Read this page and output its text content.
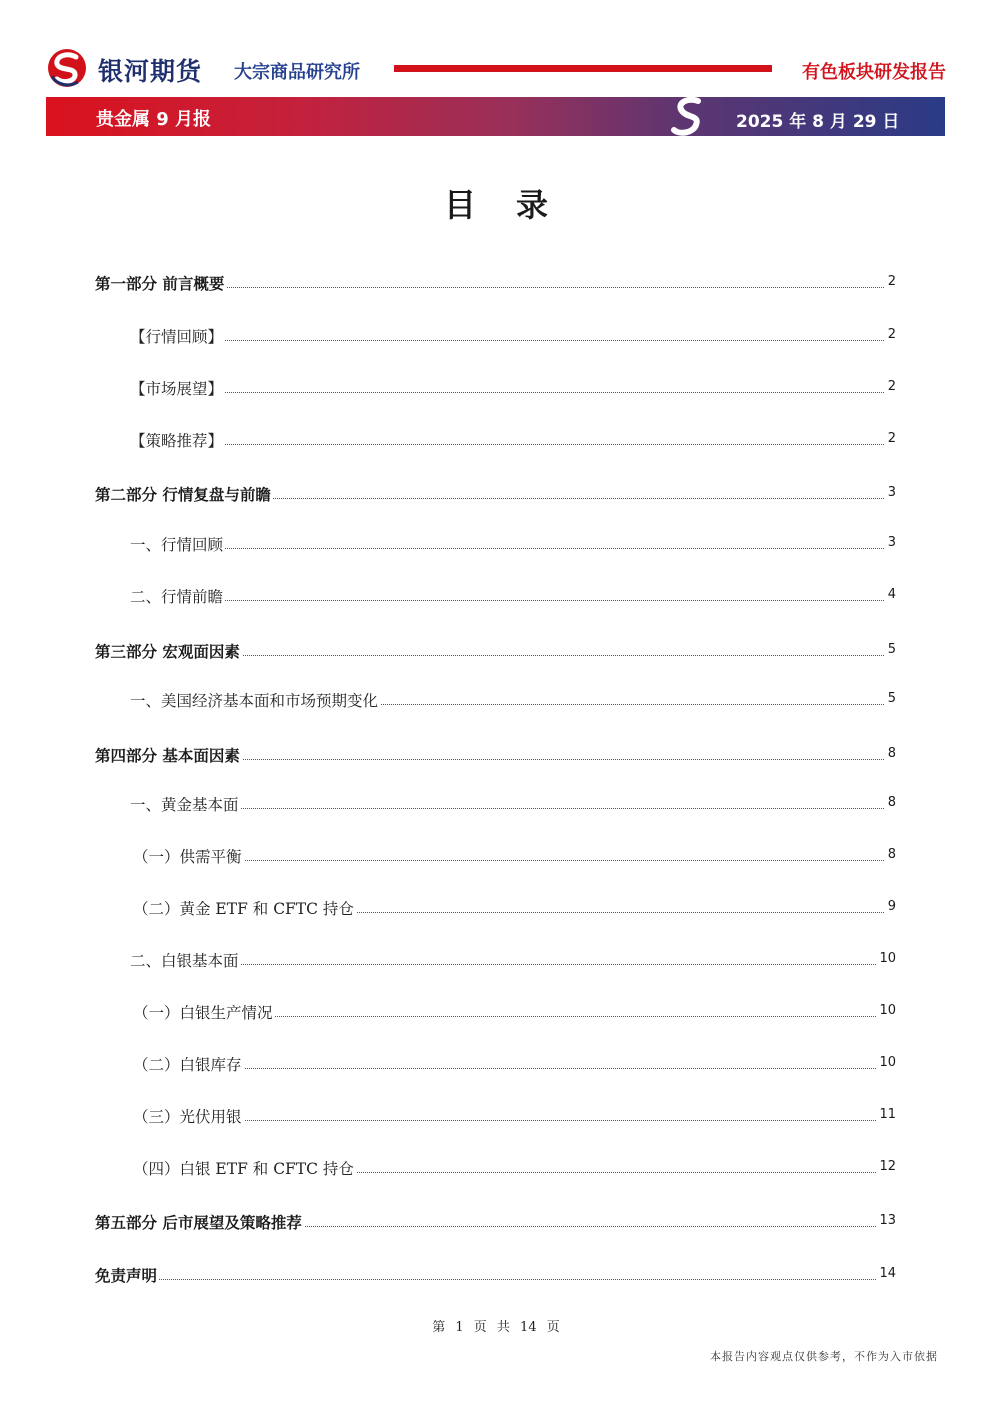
银河期货 大宗商品研究所	有色板块研发报告
贵金属 9 月报	2025 年 8 月 29 日
目录
第一部分 前言概要	2
【行情回顾】	2
【市场展望】	2
【策略推荐】	2
第二部分 行情复盘与前瞻	3
一、行情回顾	3
二、行情前瞻	4
第三部分 宏观面因素	5
一、美国经济基本面和市场预期变化	5
第四部分 基本面因素	8
一、黄金基本面	8
（一）供需平衡	8
（二）黄金 ETF 和 CFTC 持仓	9
二、白银基本面	10
（一）白银生产情况	10
（二）白银库存	10
（三）光伏用银	11
（四）白银 ETF 和 CFTC 持仓	12
第五部分 后市展望及策略推荐	13
免责声明	14
第 1 页 共 14 页
本报告内容观点仅供参考，不作为入市依据
